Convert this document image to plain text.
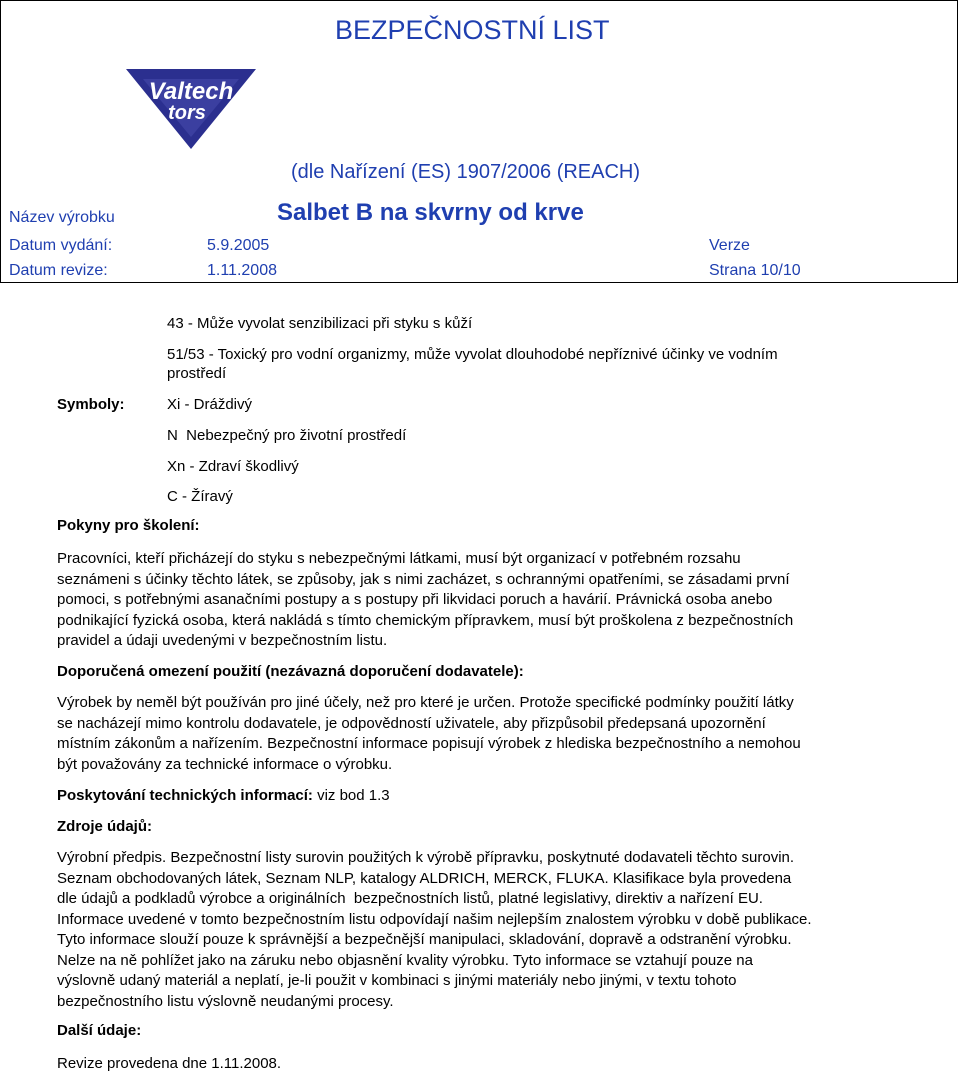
BEZPEČNOSTNÍ LIST
Valtech
tors
(dle Nařízení (ES) 1907/2006 (REACH)
Název výrobku	Salbet B na skvrny od krve
Datum vydání:	5.9.2005	Verze
Datum revize:	1.11.2008	Strana 10/10
43 - Může vyvolat senzibilizaci při styku s kůží
51/53 - Toxický pro vodní organizmy, může vyvolat dlouhodobé nepříznivé účinky ve vodním
prostředí
Symboly:	Xi - Dráždivý
N  Nebezpečný pro životní prostředí
Xn - Zdraví škodlivý
C - Žíravý
Pokyny pro školení:
Pracovníci, kteří přicházejí do styku s nebezpečnými látkami, musí být organizací v potřebném rozsahu
seznámeni s účinky těchto látek, se způsoby, jak s nimi zacházet, s ochrannými opatřeními, se zásadami první
pomoci, s potřebnými asanačními postupy a s postupy při likvidaci poruch a havárií. Právnická osoba anebo
podnikající fyzická osoba, která nakládá s tímto chemickým přípravkem, musí být proškolena z bezpečnostních
pravidel a údaji uvedenými v bezpečnostním listu.
Doporučená omezení použití (nezávazná doporučení dodavatele):
Výrobek by neměl být používán pro jiné účely, než pro které je určen. Protože specifické podmínky použití látky
se nacházejí mimo kontrolu dodavatele, je odpovědností uživatele, aby přizpůsobil předepsaná upozornění
místním zákonům a nařízením. Bezpečnostní informace popisují výrobek z hlediska bezpečnostního a nemohou
být považovány za technické informace o výrobku.
Poskytování technických informací: viz bod 1.3
Zdroje údajů:
Výrobní předpis. Bezpečnostní listy surovin použitých k výrobě přípravku, poskytnuté dodavateli těchto surovin.
Seznam obchodovaných látek, Seznam NLP, katalogy ALDRICH, MERCK, FLUKA. Klasifikace byla provedena
dle údajů a podkladů výrobce a originálních  bezpečnostních listů, platné legislativy, direktiv a nařízení EU.
Informace uvedené v tomto bezpečnostním listu odpovídají našim nejlepším znalostem výrobku v době publikace.
Tyto informace slouží pouze k správnější a bezpečnější manipulaci, skladování, dopravě a odstranění výrobku.
Nelze na ně pohlížet jako na záruku nebo objasnění kvality výrobku. Tyto informace se vztahují pouze na
výslovně udaný materiál a neplatí, je-li použit v kombinaci s jinými materiály nebo jinými, v textu tohoto
bezpečnostního listu výslovně neudanými procesy.
Další údaje:
Revize provedena dne 1.11.2008.
